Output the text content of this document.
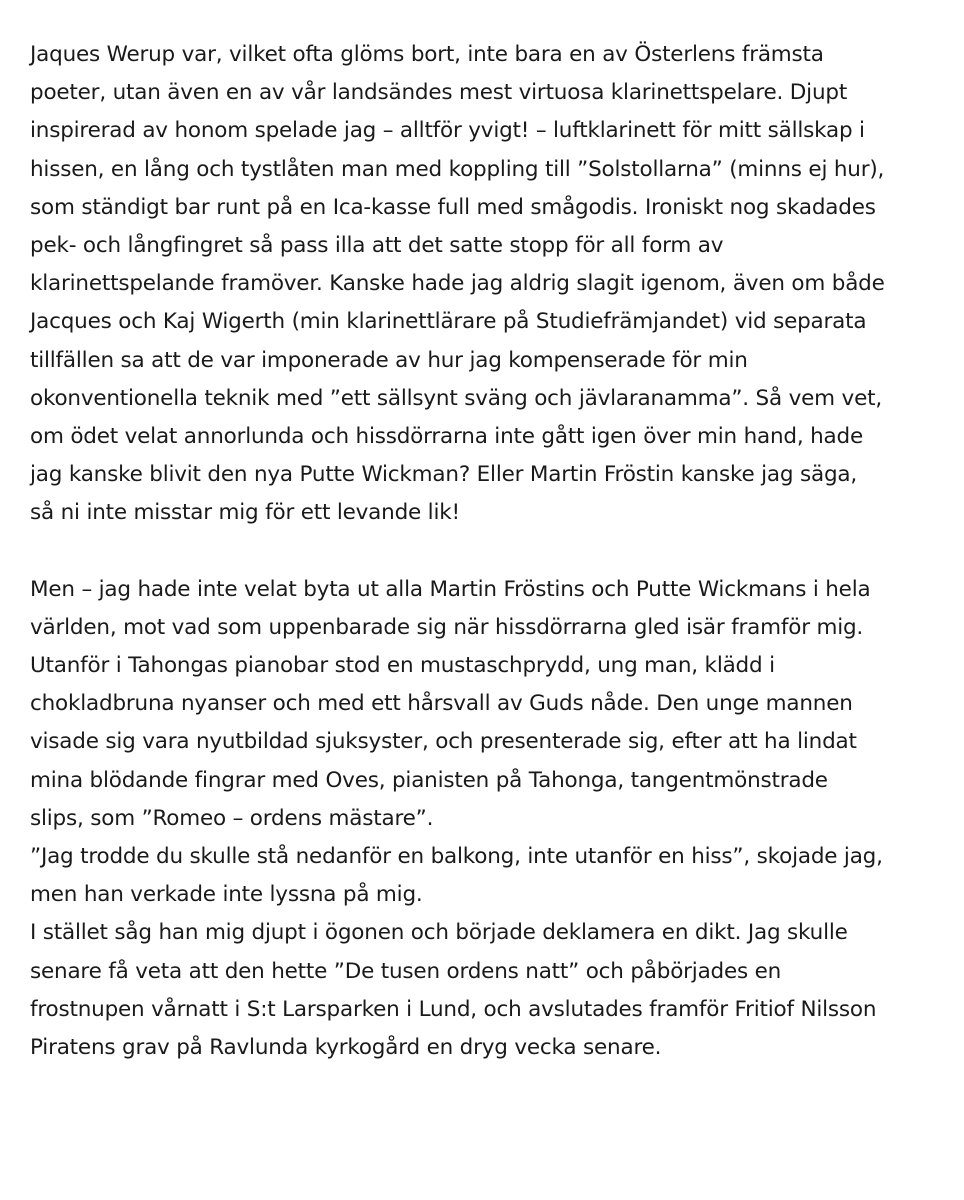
Jaques Werup var, vilket ofta glöms bort, inte bara en av Österlens främsta
poeter, utan även en av vår landsändes mest virtuosa klarinettspelare. Djupt
inspirerad av honom spelade jag – alltför yvigt! – luftklarinett för mitt sällskap i
hissen, en lång och tystlåten man med koppling till ”Solstollarna” (minns ej hur),
som ständigt bar runt på en Ica-kasse full med smågodis. Ironiskt nog skadades
pek- och långfingret så pass illa att det satte stopp för all form av
klarinettspelande framöver. Kanske hade jag aldrig slagit igenom, även om både
Jacques och Kaj Wigerth (min klarinettlärare på Studiefrämjandet) vid separata
tillfällen sa att de var imponerade av hur jag kompenserade för min
okonventionella teknik med ”ett sällsynt sväng och jävlaranamma”. Så vem vet,
om ödet velat annorlunda och hissdörrarna inte gått igen över min hand, hade
jag kanske blivit den nya Putte Wickman? Eller Martin Fröstin kanske jag säga,
så ni inte misstar mig för ett levande lik!
Men – jag hade inte velat byta ut alla Martin Fröstins och Putte Wickmans i hela
världen, mot vad som uppenbarade sig när hissdörrarna gled isär framför mig.
Utanför i Tahongas pianobar stod en mustaschprydd, ung man, klädd i
chokladbruna nyanser och med ett hårsvall av Guds nåde. Den unge mannen
visade sig vara nyutbildad sjuksyster, och presenterade sig, efter att ha lindat
mina blödande fingrar med Oves, pianisten på Tahonga, tangentmönstrade
slips, som ”Romeo – ordens mästare”.
”Jag trodde du skulle stå nedanför en balkong, inte utanför en hiss”, skojade jag,
men han verkade inte lyssna på mig.
I stället såg han mig djupt i ögonen och började deklamera en dikt. Jag skulle
senare få veta att den hette ”De tusen ordens natt” och påbörjades en
frostnupen vårnatt i S:t Larsparken i Lund, och avslutades framför Fritiof Nilsson
Piratens grav på Ravlunda kyrkogård en dryg vecka senare.
